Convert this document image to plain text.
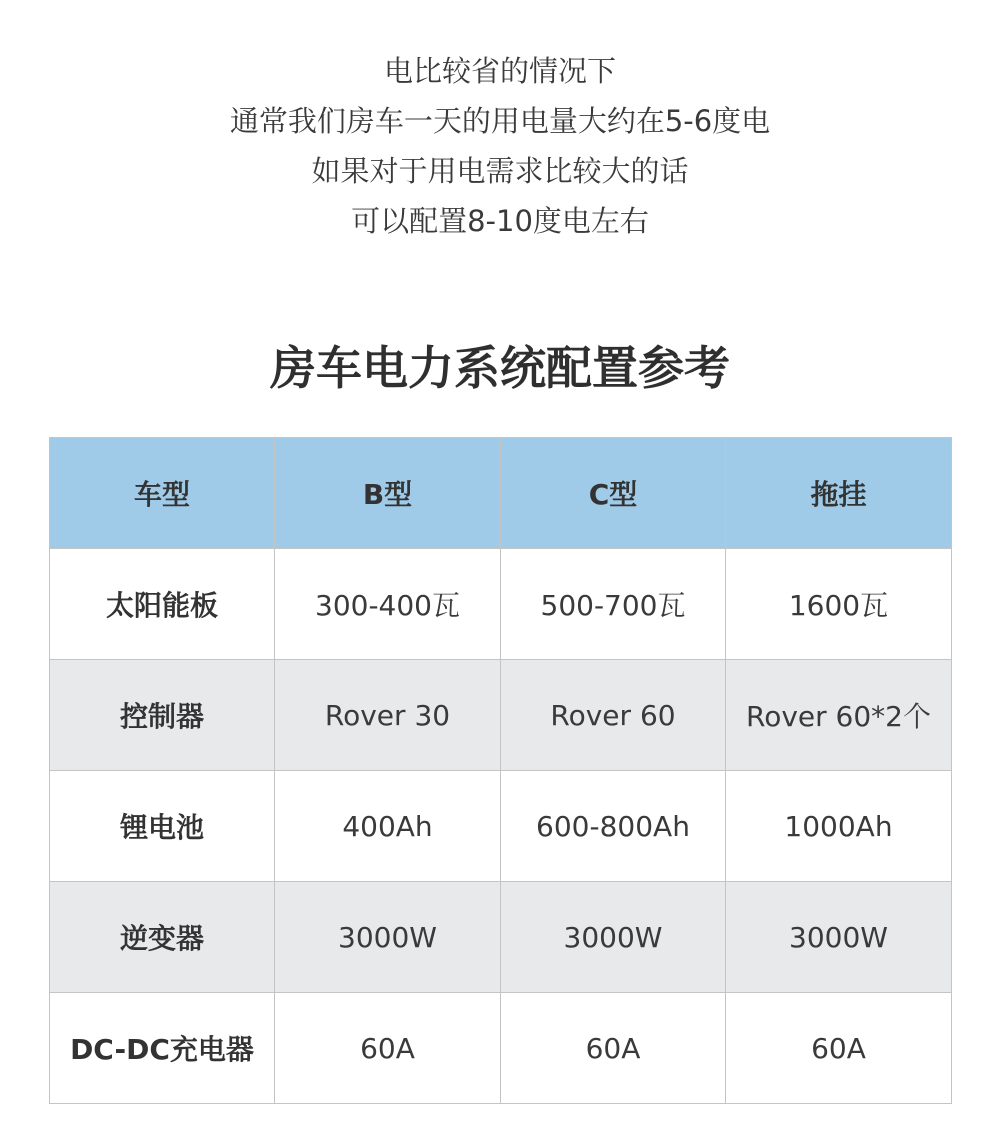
电比较省的情况下
通常我们房车一天的用电量大约在5-6度电
如果对于用电需求比较大的话
可以配置8-10度电左右
房车电力系统配置参考
车型	B型	C型	拖挂
太阳能板	300-400瓦	500-700瓦	1600瓦
控制器	Rover 30	Rover 60	Rover 60*2个
锂电池	400Ah	600-800Ah	1000Ah
逆变器	3000W	3000W	3000W
DC-DC充电器	60A	60A	60A
